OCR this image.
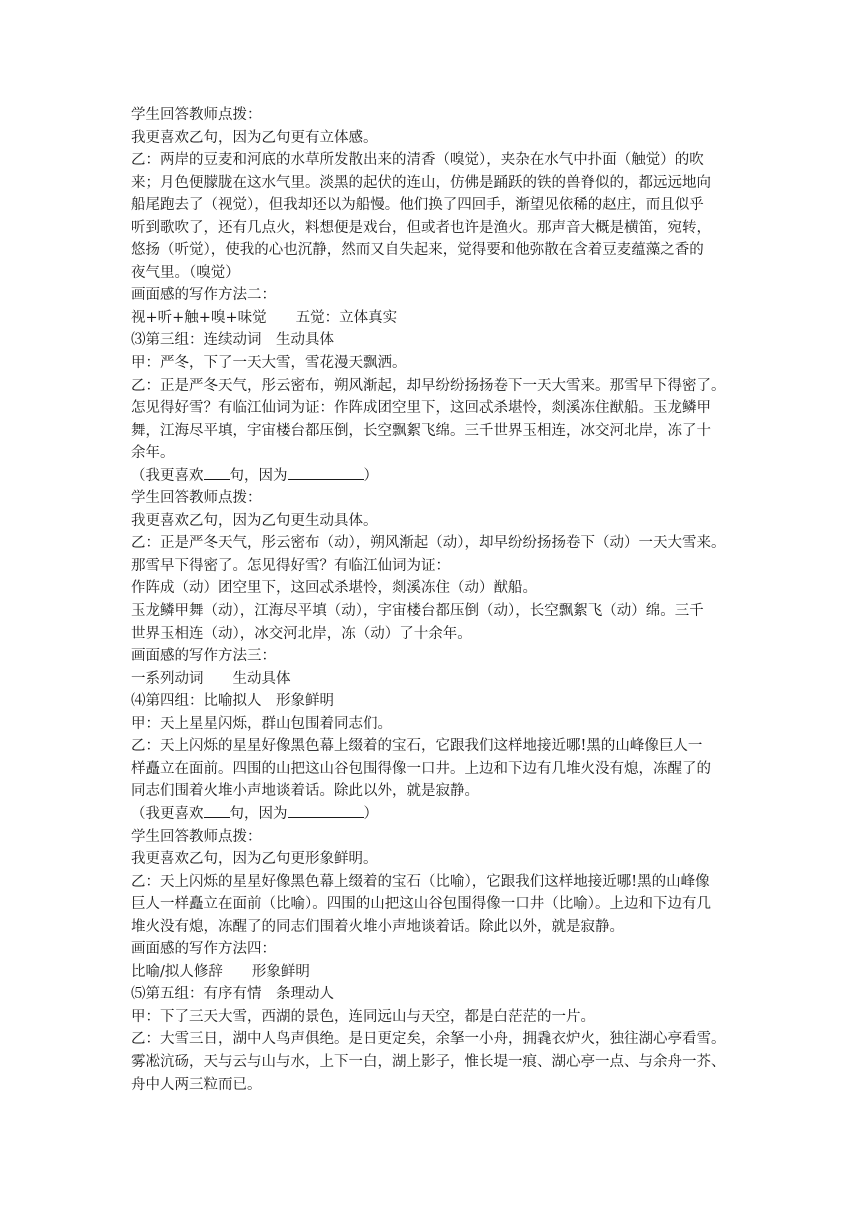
学生回答教师点拨：
我更喜欢乙句，因为乙句更有立体感。
乙：两岸的豆麦和河底的水草所发散出来的清香（嗅觉），夹杂在水气中扑面（触觉）的吹
来；月色便朦胧在这水气里。淡黑的起伏的连山，仿佛是踊跃的铁的兽脊似的，都远远地向
船尾跑去了（视觉），但我却还以为船慢。他们换了四回手，渐望见依稀的赵庄，而且似乎
听到歌吹了，还有几点火，料想便是戏台，但或者也许是渔火。那声音大概是横笛，宛转，
悠扬（听觉），使我的心也沉静，然而又自失起来，觉得要和他弥散在含着豆麦蕴藻之香的
夜气里。（嗅觉）
画面感的写作方法二：
视+听+触+嗅+味觉　　五觉：立体真实
⑶第三组：连续动词　生动具体
甲：严冬，下了一天大雪，雪花漫天飘洒。
乙：正是严冬天气，彤云密布，朔风渐起，却早纷纷扬扬卷下一天大雪来。那雪早下得密了。
怎见得好雪？有临江仙词为证：作阵成团空里下，这回忒杀堪怜，剡溪冻住猷船。玉龙鳞甲
舞，江海尽平填，宇宙楼台都压倒，长空飘絮飞绵。三千世界玉相连，冰交河北岸，冻了十
余年。
（我更喜欢 句，因为	）
学生回答教师点拨：
我更喜欢乙句，因为乙句更生动具体。
乙：正是严冬天气，彤云密布（动），朔风渐起（动），却早纷纷扬扬卷下（动）一天大雪来。
那雪早下得密了。怎见得好雪？有临江仙词为证：
作阵成（动）团空里下，这回忒杀堪怜，剡溪冻住（动）猷船。
玉龙鳞甲舞（动），江海尽平填（动），宇宙楼台都压倒（动），长空飘絮飞（动）绵。三千
世界玉相连（动），冰交河北岸，冻（动）了十余年。
画面感的写作方法三：
一系列动词　　生动具体
⑷第四组：比喻拟人　形象鲜明
甲：天上星星闪烁，群山包围着同志们。
乙：天上闪烁的星星好像黑色幕上缀着的宝石，它跟我们这样地接近哪!黑的山峰像巨人一
样矗立在面前。四围的山把这山谷包围得像一口井。上边和下边有几堆火没有熄，冻醒了的
同志们围着火堆小声地谈着话。除此以外，就是寂静。
（我更喜欢 句，因为	）
学生回答教师点拨：
我更喜欢乙句，因为乙句更形象鲜明。
乙：天上闪烁的星星好像黑色幕上缀着的宝石（比喻），它跟我们这样地接近哪!黑的山峰像
巨人一样矗立在面前（比喻）。四围的山把这山谷包围得像一口井（比喻）。上边和下边有几
堆火没有熄，冻醒了的同志们围着火堆小声地谈着话。除此以外，就是寂静。
画面感的写作方法四：
比喻/拟人修辞　　形象鲜明
⑸第五组：有序有情　条理动人
甲：下了三天大雪，西湖的景色，连同远山与天空，都是白茫茫的一片。
乙：大雪三日，湖中人鸟声俱绝。是日更定矣，余拏一小舟，拥毳衣炉火，独往湖心亭看雪。
雾凇沆砀，天与云与山与水，上下一白，湖上影子，惟长堤一痕、湖心亭一点、与余舟一芥、
舟中人两三粒而已。
